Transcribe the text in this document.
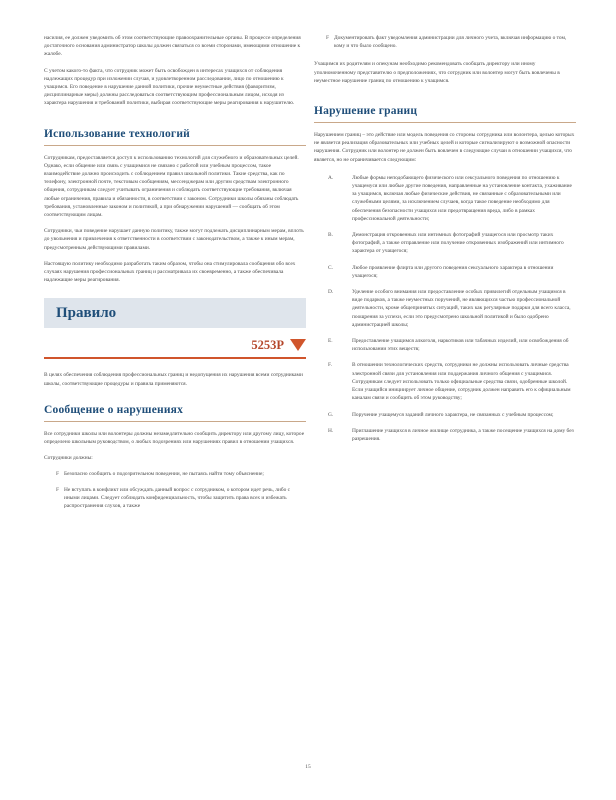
насилия, ее должен уведомить об этом соответствующие правоохранительные органы. В процессе определения достаточного основания администратор школы должен связаться со всеми сторонами, имеющими отношение к жалобе.

С учетом какого-то факта, что сотрудник может быть освобожден в интересах учащихся от соблюдения надлежащих процедур при изложении случая, и удовлетворенном расследовании, лицо по отношению к учащимся. Его поведение в нарушение данной политики, прочие неуместные действия (фаворитизм, дисциплинарные меры) должны расследоваться соответствующим профессиональным лицом, исходя из характера нарушения и требований политики, выбирая соответствующие меры реагирования к нарушителю.

Использование технологий

Сотрудникам, предоставляется доступ к использованию технологий для служебного и образовательных целей. Однако, если общение или связь с учащимися не связано с работой или учебным процессом, такое взаимодействие должно происходить с соблюдением правил школьной политики. Такие средства, как по телефону, электронной почте, текстовым сообщениям, мессенджерам или другим средствам электронного общения, сотрудникам следует учитывать ограничения и соблюдать соответствующие требования, включая любые ограничения, правила и обязанности, в соответствии с законом. Сотрудники школы обязаны соблюдать требования, установленные законом и политикой, а при обнаружении нарушений — сообщать об этом соответствующим лицам.

Сотрудники, чьи поведение нарушает данную политику, также могут подлежать дисциплинарным мерам, вплоть до увольнения и привлечения к ответственности в соответствии с законодательством, а также к иным мерам, предусмотренным действующими правилами.

Настоящую политику необходимо разработать таким образом, чтобы она стимулировала сообщения обо всех случаях нарушения профессиональных границ и рассматривала их своевременно, а также обеспечивала надлежащие меры реагирования.

Правило
5253P

В целях обеспечения соблюдения профессиональных границ и недопущения их нарушения всеми сотрудниками школы, соответствующие процедуры и правила применяются.

Сообщение о нарушениях

Все сотрудники школы или волонтеры должны незамедлительно сообщить директору или другому лицу, которое определено школьным руководством, о любых подозрениях или нарушениях правил в отношении учащихся.

Сотрудники должны:

F Безопасно сообщить о подозрительном поведении, не пытаясь найти тому объяснение;

F Не вступать в конфликт или обсуждать данный вопрос с сотрудником, о котором идет речь, либо с иными лицами. Следует соблюдать конфиденциальность, чтобы защитить права всех и избежать распространения слухов, а также

F Документировать факт уведомления администрации для личного учета, включая информацию о том, кому и что было сообщено.

Учащимся их родителям и опекунам необходимо рекомендовать сообщать директору или иному уполномоченному представителю о предположениях, что сотрудник или волонтер могут быть вовлечены в неуместное нарушение границ по отношению к учащимся.

Нарушение границ

Нарушением границ – это действие или модель поведения со стороны сотрудника или волонтера, целью которых не является реализация образовательных или учебных целей и которые сигнализируют о возможной опасности нарушения. Сотрудник или волонтер не должен быть вовлечен в следующие случаи в отношении учащихся, что является, но не ограничивается следующим:

A.	Любые формы неподобающего физического или сексуального поведения по отношению к учащемуся или любые другие поведения, направленные на установление контакта, ухаживание за учащимся, включая любые физические действия, не связанные с образовательными или служебными целями, за исключением случаев, когда такое поведение необходимо для обеспечения безопасности учащихся или предотвращения вреда, либо в рамках профессиональной деятельности;

B.	Демонстрация откровенных или интимных фотографий учащегося или просмотр таких фотографий, а также отправление или получение откровенных изображений или интимного характера от учащегося;

C.	Любое проявление флирта или другого поведения сексуального характера в отношении учащегося;

D.	Уделение особого внимания или предоставление особых привилегий отдельным учащимся в виде подарков, а также неуместных поручений, не являющихся частью профессиональной деятельности, кроме общепринятых ситуаций, таких как регулярные подарки для всего класса, поощрения за успехи, если это предусмотрено школьной политикой и было одобрено администрацией школы;

E.	Предоставление учащимся алкоголя, наркотиков или табачных изделий, или освобождения об использовании этих веществ;

F.	В отношении технологических средств, сотрудники не должны использовать личные средства электронной связи для установления или поддержания личного общения с учащимися. Сотрудникам следует использовать только официальные средства связи, одобренные школой. Если учащийся инициирует личное общение, сотрудник должен направить его к официальным каналам связи и сообщить об этом руководству;

G.	Поручение учащемуся заданий личного характера, не связанных с учебным процессом;

H.	Приглашение учащихся в личное жилище сотрудника, а также посещение учащихся на дому без разрешения.

15
